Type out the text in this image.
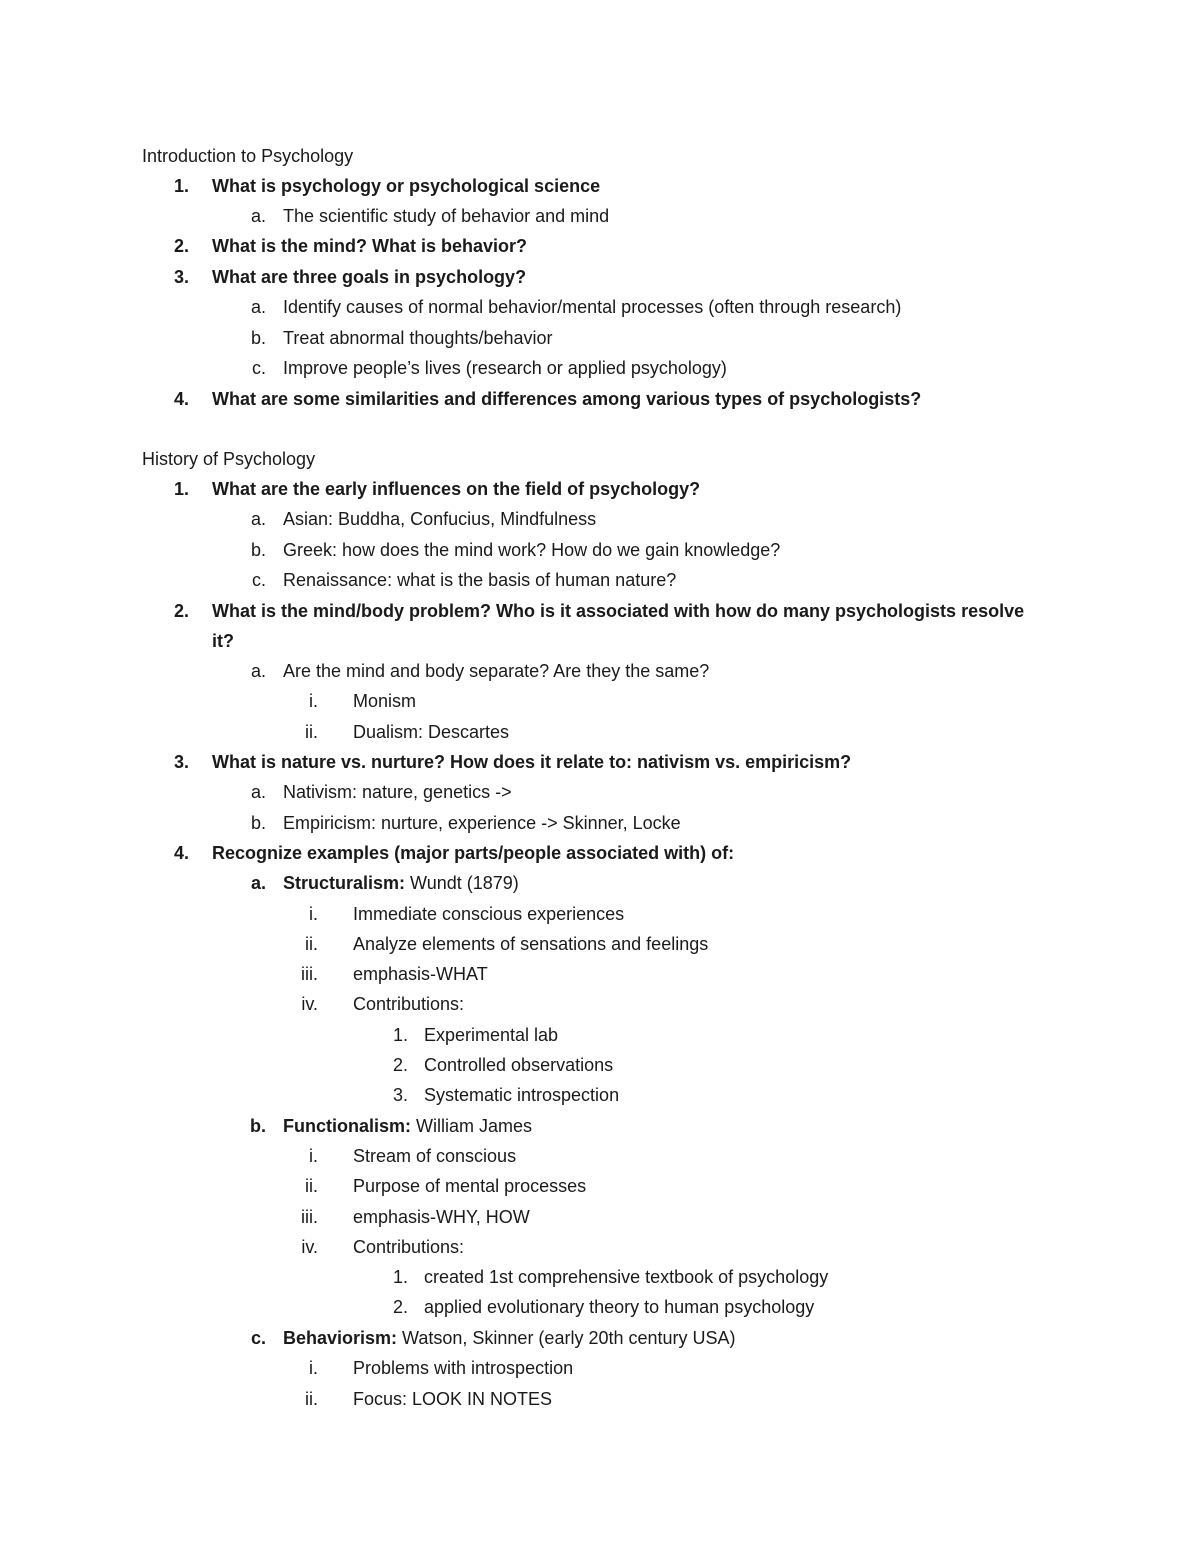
Introduction to Psychology
1.	What is psychology or psychological science
a. The scientific study of behavior and mind
2.	What is the mind? What is behavior?
3.	What are three goals in psychology?
a. Identify causes of normal behavior/mental processes (often through research)
b. Treat abnormal thoughts/behavior
c. Improve people’s lives (research or applied psychology)
4.	What are some similarities and differences among various types of psychologists?
History of Psychology
1.	What are the early influences on the field of psychology?
a. Asian: Buddha, Confucius, Mindfulness
b. Greek: how does the mind work? How do we gain knowledge?
c. Renaissance: what is the basis of human nature?
2.	What is the mind/body problem? Who is it associated with how do many psychologists resolve
it?
a. Are the mind and body separate? Are they the same?
i. Monism
ii. Dualism: Descartes
3.	What is nature vs. nurture? How does it relate to: nativism vs. empiricism?
a. Nativism: nature, genetics ->
b. Empiricism: nurture, experience -> Skinner, Locke
4.	Recognize examples (major parts/people associated with) of:
a. Structuralism: Wundt (1879)
i. Immediate conscious experiences
ii. Analyze elements of sensations and feelings
iii. emphasis-WHAT
iv. Contributions:
1. Experimental lab
2. Controlled observations
3. Systematic introspection
b. Functionalism: William James
i. Stream of conscious
ii. Purpose of mental processes
iii. emphasis-WHY, HOW
iv. Contributions:
1. created 1st comprehensive textbook of psychology
2. applied evolutionary theory to human psychology
c. Behaviorism: Watson, Skinner (early 20th century USA)
i. Problems with introspection
ii. Focus: LOOK IN NOTES
